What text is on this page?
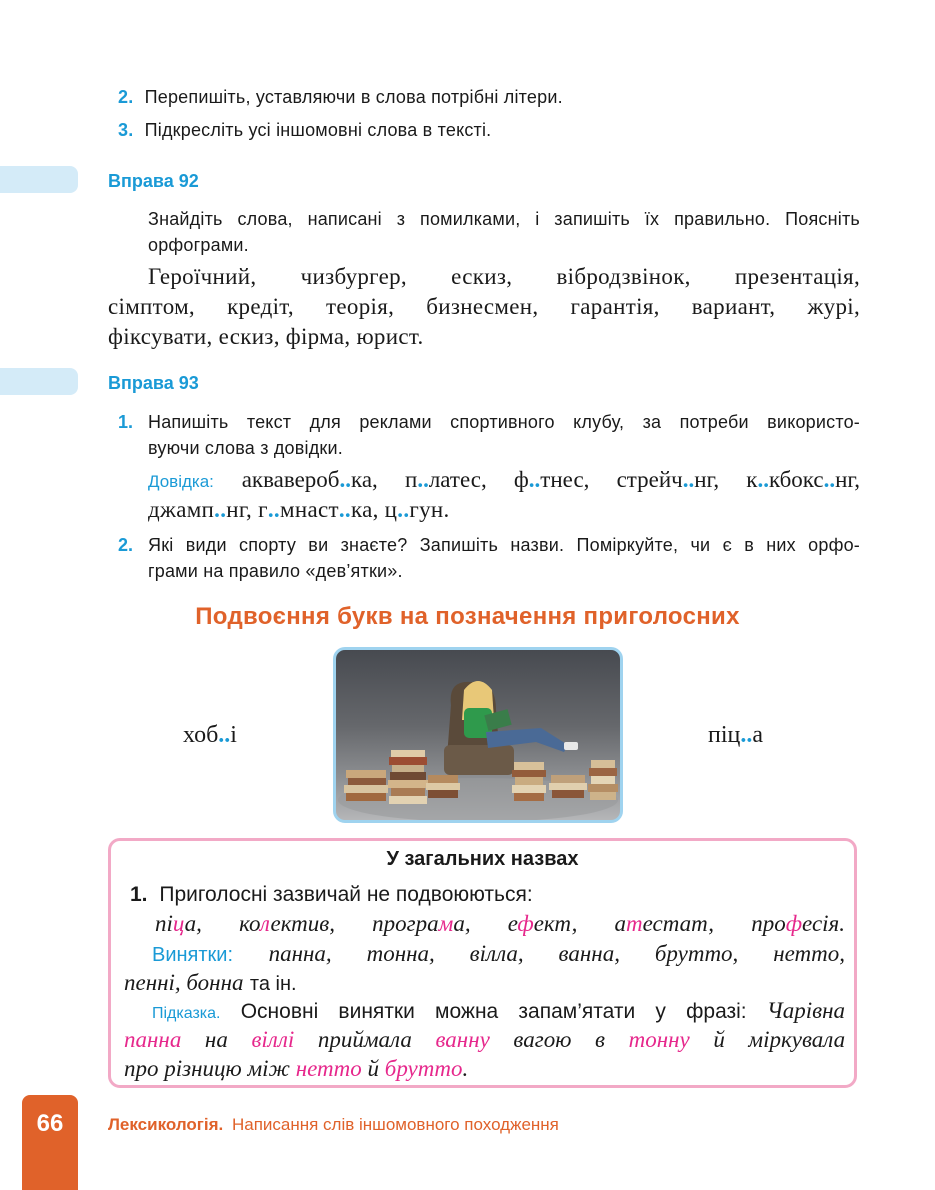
2. Перепишіть, уставляючи в слова потрібні літери.
3. Підкресліть усі іншомовні слова в тексті.
Вправа 92
Знайдіть слова, написані з помилками, і запишіть їх правильно. Поясніть
орфограми.
Героїчний, чизбургер, ескиз, вібродзвінок, презентація,
сімптом, кредіт, теорія, бизнесмен, гарантія, вариант, журі,
фіксувати, ескиз, фірма, юрист.
Вправа 93
1. Напишіть текст для реклами спортивного клубу, за потреби використо-
вуючи слова з довідки.
Довідка: аквавероб..ка, п..латес, ф..тнес, стрейч..нг, к..кбокс..нг,
джамп..нг, г..мнаст..ка, ц..гун.
2. Які види спорту ви знаєте? Запишіть назви. Поміркуйте, чи є в них орфо-
грами на правило «дев’ятки».
Подвоєння букв на позначення приголосних
хоб..і	піц..а
У загальних назвах
1. Приголосні зазвичай не подвоюються:
піца, колектив, програма, ефект, атестат, професія.
Винятки: панна, тонна, вілла, ванна, брутто, нетто,
пенні, бонна та ін.
Підказка. Основні винятки можна запам’ятати у фразі: Чарівна
панна на віллі приймала ванну вагою в тонну й міркувала
про різницю між нетто й брутто.
66	Лексикологія. Написання слів іншомовного походження
